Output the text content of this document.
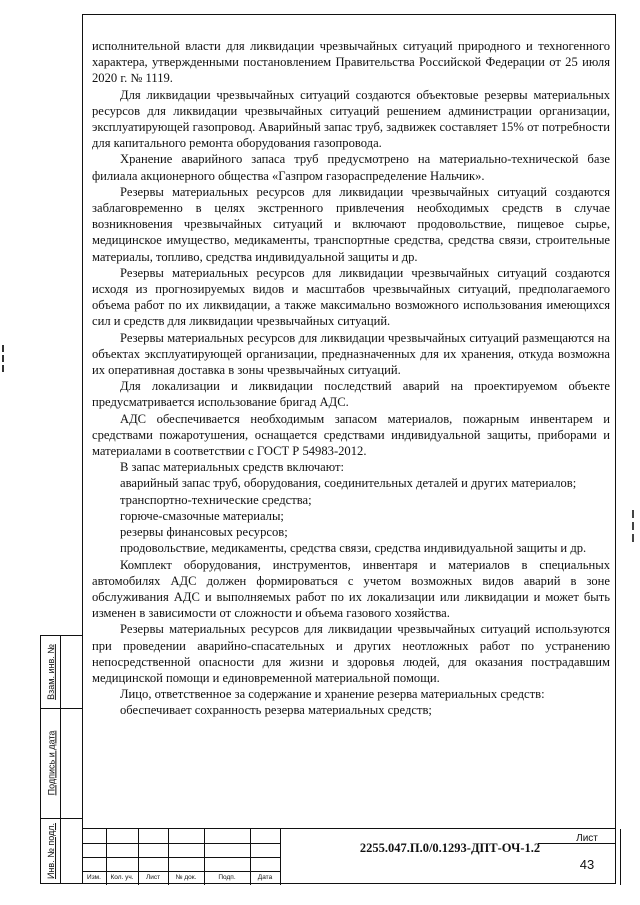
исполнительной власти для ликвидации чрезвычайных ситуаций природного и техногенного характера, утвержденными постановлением Правительства Российской Федерации от 25 июля 2020 г. № 1119.

Для ликвидации чрезвычайных ситуаций создаются объектовые резервы материальных ресурсов для ликвидации чрезвычайных ситуаций решением администрации организации, эксплуатирующей газопровод. Аварийный запас труб, задвижек составляет 15% от потребности для капитального ремонта оборудования газопровода.

Хранение аварийного запаса труб предусмотрено на материально-технической базе филиала акционерного общества «Газпром газораспределение Нальчик».

Резервы материальных ресурсов для ликвидации чрезвычайных ситуаций создаются заблаговременно в целях экстренного привлечения необходимых средств в случае возникновения чрезвычайных ситуаций и включают продовольствие, пищевое сырье, медицинское имущество, медикаменты, транспортные средства, средства связи, строительные материалы, топливо, средства индивидуальной защиты и др.

Резервы материальных ресурсов для ликвидации чрезвычайных ситуаций создаются исходя из прогнозируемых видов и масштабов чрезвычайных ситуаций, предполагаемого объема работ по их ликвидации, а также максимально возможного использования имеющихся сил и средств для ликвидации чрезвычайных ситуаций.

Резервы материальных ресурсов для ликвидации чрезвычайных ситуаций размещаются на объектах эксплуатирующей организации, предназначенных для их хранения, откуда возможна их оперативная доставка в зоны чрезвычайных ситуаций.

Для локализации и ликвидации последствий аварий на проектируемом объекте предусматривается использование бригад АДС.

АДС обеспечивается необходимым запасом материалов, пожарным инвентарем и средствами пожаротушения, оснащается средствами индивидуальной защиты, приборами и материалами в соответствии с ГОСТ Р 54983-2012.

В запас материальных средств включают:

аварийный запас труб, оборудования, соединительных деталей и других материалов;

транспортно-технические средства;

горюче-смазочные материалы;

резервы финансовых ресурсов;

продовольствие, медикаменты, средства связи, средства индивидуальной защиты и др.

Комплект оборудования, инструментов, инвентаря и материалов в специальных автомобилях АДС должен формироваться с учетом возможных видов аварий в зоне обслуживания АДС и выполняемых работ по их локализации или ликвидации и может быть изменен в зависимости от сложности и объема газового хозяйства.

Резервы материальных ресурсов для ликвидации чрезвычайных ситуаций используются при проведении аварийно-спасательных и других неотложных работ по устранению непосредственной опасности для жизни и здоровья людей, для оказания пострадавшим медицинской помощи и единовременной материальной помощи.

Лицо, ответственное за содержание и хранение резерва материальных средств:

обеспечивает сохранность резерва материальных средств;

Взам. инв. №
Подпись и дата
Инв. № подл.	Изм.	Кол. уч.	Лист	№ док.	Подп.	Дата
2255.047.П.0/0.1293-ДПТ-ОЧ-1.2
Лист
43
